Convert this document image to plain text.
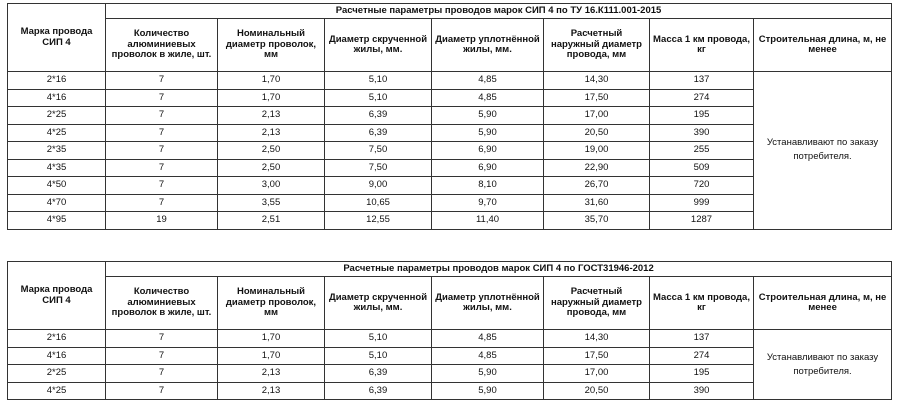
Марка провода СИП 4	Расчетные параметры проводов марок СИП 4 по ТУ 16.К111.001-2015						
	Количество алюминиевых проволок в жиле, шт.	Номинальный диаметр проволок, мм	Диаметр скрученной жилы, мм.	Диаметр уплотнённой жилы, мм.	Расчетный наружный диаметр провода, мм	Масса 1 км провода, кг	Строительная длина, м, не менее
2*16	7	1,70	5,10	4,85	14,30	137	Устанавливают по заказу потребителя.
4*16	7	1,70	5,10	4,85	17,50	274	
2*25	7	2,13	6,39	5,90	17,00	195	
4*25	7	2,13	6,39	5,90	20,50	390	
2*35	7	2,50	7,50	6,90	19,00	255	
4*35	7	2,50	7,50	6,90	22,90	509	
4*50	7	3,00	9,00	8,10	26,70	720	
4*70	7	3,55	10,65	9,70	31,60	999	
4*95	19	2,51	12,55	11,40	35,70	1287	
Марка провода СИП 4	Расчетные параметры проводов марок СИП 4 по ГОСТ31946-2012						
	Количество алюминиевых проволок в жиле, шт.	Номинальный диаметр проволок, мм	Диаметр скрученной жилы, мм.	Диаметр уплотнённой жилы, мм.	Расчетный наружный диаметр провода, мм	Масса 1 км провода, кг	Строительная длина, м, не менее
2*16	7	1,70	5,10	4,85	14,30	137	Устанавливают по заказу потребителя.
4*16	7	1,70	5,10	4,85	17,50	274	
2*25	7	2,13	6,39	5,90	17,00	195	
4*25	7	2,13	6,39	5,90	20,50	390	
